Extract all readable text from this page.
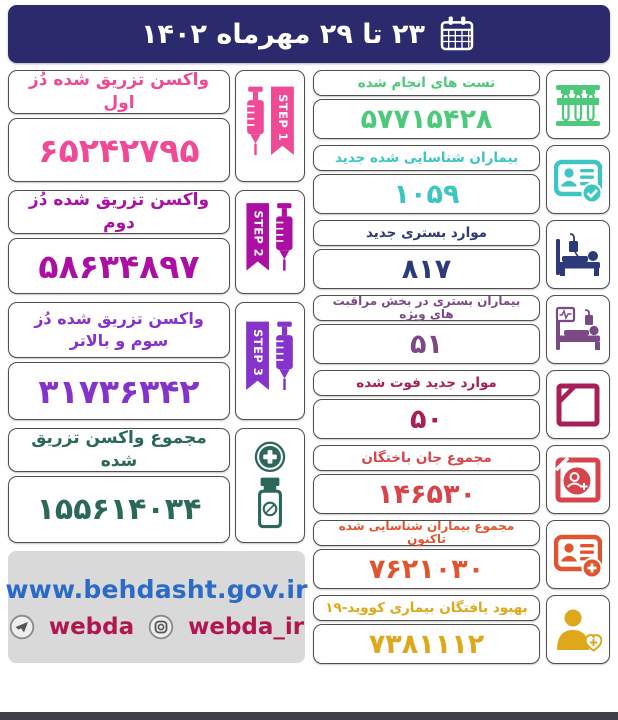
۲۳ تا ۲۹ مهرماه ۱۴۰۲
واکسن تزریق شده دُز اول
۶۵۲۴۲۷۹۵
STEP 1
واکسن تزریق شده دُز دوم
۵۸۶۳۴۸۹۷
STEP 2
واکسن تزریق شده دُز سوم و بالاتر
۳۱۷۳۶۳۴۲
STEP 3
مجموع واکسن تزریق شده
۱۵۵۶۱۴۰۳۴
www.behdasht.gov.ir
webda webda_ir
تست های انجام شده
۵۷۷۱۵۴۲۸
بیماران شناسایی شده جدید
۱۰۵۹
موارد بستری جدید
۸۱۷
بیماران بستری در بخش مراقبت های ویژه
۵۱
موارد جدید فوت شده
۵۰
مجموع جان باختگان
۱۴۶۵۳۰
مجموع بیماران شناسایی شده تاکنون
۷۶۲۱۰۳۰
بهبود یافتگان بیماری کووید-۱۹
۷۳۸۱۱۱۲
